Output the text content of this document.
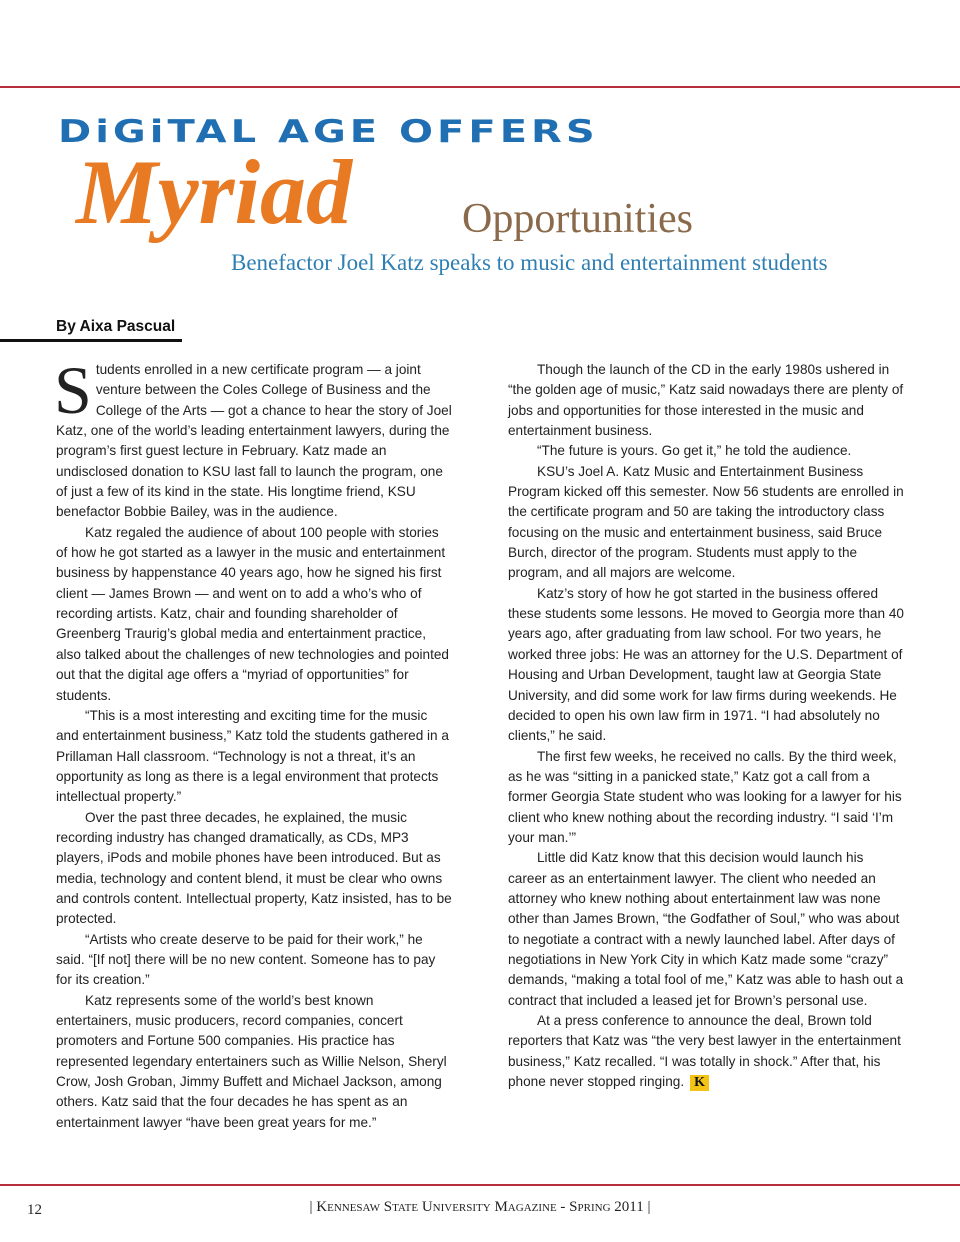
DiGiTAL AGE OFFERS
Myriad	Opportunities
Benefactor Joel Katz speaks to music and entertainment students
By Aixa Pascual

Students enrolled in a new certificate program — a joint venture between the Coles College of Business and the College of the Arts — got a chance to hear the story of Joel Katz, one of the world’s leading entertainment lawyers, during the program’s first guest lecture in February. Katz made an undisclosed donation to KSU last fall to launch the program, one of just a few of its kind in the state. His longtime friend, KSU benefactor Bobbie Bailey, was in the audience.

Katz regaled the audience of about 100 people with stories of how he got started as a lawyer in the music and entertainment business by happenstance 40 years ago, how he signed his first client — James Brown — and went on to add a who’s who of recording artists. Katz, chair and founding shareholder of Greenberg Traurig’s global media and entertainment practice, also talked about the challenges of new technologies and pointed out that the digital age offers a “myriad of opportunities” for students.

“This is a most interesting and exciting time for the music and entertainment business,” Katz told the students gathered in a Prillaman Hall classroom. “Technology is not a threat, it’s an opportunity as long as there is a legal environment that protects intellectual property.”

Over the past three decades, he explained, the music recording industry has changed dramatically, as CDs, MP3 players, iPods and mobile phones have been introduced. But as media, technology and content blend, it must be clear who owns and controls content. Intellectual property, Katz insisted, has to be protected.

“Artists who create deserve to be paid for their work,” he said. “[If not] there will be no new content. Someone has to pay for its creation.”

Katz represents some of the world’s best known entertainers, music producers, record companies, concert promoters and Fortune 500 companies. His practice has represented legendary entertainers such as Willie Nelson, Sheryl Crow, Josh Groban, Jimmy Buffett and Michael Jackson, among others. Katz said that the four decades he has spent as an entertainment lawyer “have been great years for me.”

Though the launch of the CD in the early 1980s ushered in “the golden age of music,” Katz said nowadays there are plenty of jobs and opportunities for those interested in the music and entertainment business.

“The future is yours. Go get it,” he told the audience.

KSU’s Joel A. Katz Music and Entertainment Business Program kicked off this semester. Now 56 students are enrolled in the certificate program and 50 are taking the introductory class focusing on the music and entertainment business, said Bruce Burch, director of the program. Students must apply to the program, and all majors are welcome.

Katz’s story of how he got started in the business offered these students some lessons. He moved to Georgia more than 40 years ago, after graduating from law school. For two years, he worked three jobs: He was an attorney for the U.S. Department of Housing and Urban Development, taught law at Georgia State University, and did some work for law firms during weekends. He decided to open his own law firm in 1971. “I had absolutely no clients,” he said.

The first few weeks, he received no calls. By the third week, as he was “sitting in a panicked state,” Katz got a call from a former Georgia State student who was looking for a lawyer for his client who knew nothing about the recording industry. “I said ‘I’m your man.’”

Little did Katz know that this decision would launch his career as an entertainment lawyer. The client who needed an attorney who knew nothing about entertainment law was none other than James Brown, “the Godfather of Soul,” who was about to negotiate a contract with a newly launched label. After days of negotiations in New York City in which Katz made some “crazy” demands, “making a total fool of me,” Katz was able to hash out a contract that included a leased jet for Brown’s personal use.

At a press conference to announce the deal, Brown told reporters that Katz was “the very best lawyer in the entertainment business,” Katz recalled. “I was totally in shock.” After that, his phone never stopped ringing. K

12	| Kennesaw State University Magazine - Spring 2011 |
